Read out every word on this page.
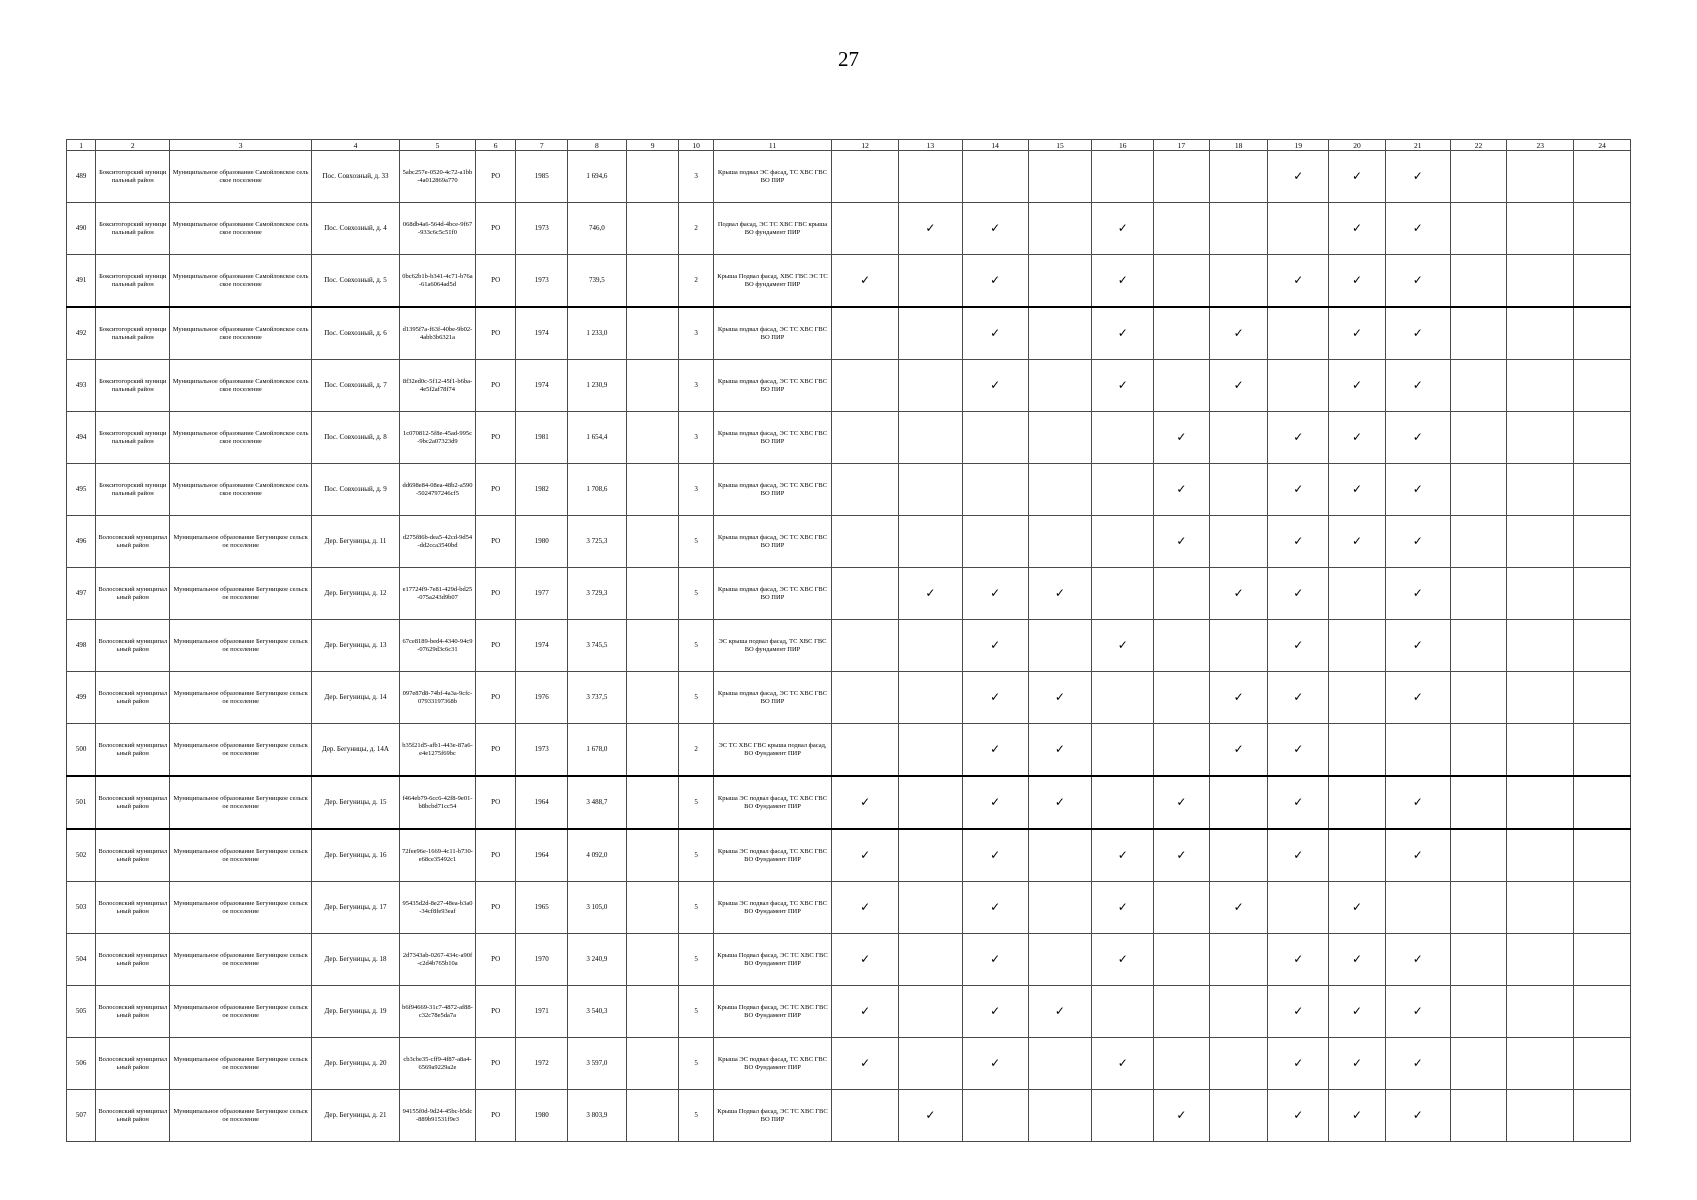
27
1	2	3	4	5	6	7	8	9	10	11	12	13	14	15	16	17	18	19	20	21	22	23	24
489	Бокситогорский муниципальный район	Муниципальное образование Самойловское сельское поселение	Пос. Совхозный, д. 33	5abc257e-0520-4c72-a1bb-4a012869a770	РО	1985	1 694,6		3	Крыша подвал ЭС фасад, ТС ХВС ГВС ВО ПИР								✓	✓	✓			
490	Бокситогорский муниципальный район	Муниципальное образование Самойловское сельское поселение	Пос. Совхозный, д. 4	068db4a6-564d-4bce-9f67-933c6c5c51f0	РО	1973	746,0		2	Подвал фасад, ЭС ТС ХВС ГВС крыша ВО фундамент ПИР		✓	✓		✓				✓	✓			
491	Бокситогорский муниципальный район	Муниципальное образование Самойловское сельское поселение	Пос. Совхозный, д. 5	0bc62b1b-b341-4c71-b76a-61a6064ad5d	РО	1973	739,5		2	Крыша Подвал фасад, ХВС ГВС ЭС ТС ВО фундамент ПИР	✓		✓		✓			✓	✓	✓			
492	Бокситогорский муниципальный район	Муниципальное образование Самойловское сельское поселение	Пос. Совхозный, д. 6	d1395f7a-f63f-40be-9b02-4abb3b6321a	РО	1974	1 233,0		3	Крыша подвал фасад, ЭС ТС ХВС ГВС ВО ПИР			✓		✓		✓		✓	✓			
493	Бокситогорский муниципальный район	Муниципальное образование Самойловское сельское поселение	Пос. Совхозный, д. 7	8f32ed0c-5f12-45f1-b6ba-4e5f2af78f74	РО	1974	1 230,9		3	Крыша подвал фасад, ЭС ТС ХВС ГВС ВО ПИР			✓		✓		✓		✓	✓			
494	Бокситогорский муниципальный район	Муниципальное образование Самойловское сельское поселение	Пос. Совхозный, д. 8	1c070812-5f8e-45ad-995c-9bc2a07323d9	РО	1981	1 654,4		3	Крыша подвал фасад, ЭС ТС ХВС ГВС ВО ПИР						✓		✓	✓	✓			
495	Бокситогорский муниципальный район	Муниципальное образование Самойловское сельское поселение	Пос. Совхозный, д. 9	dd698e84-08ea-48b2-a590-5024797246cf5	РО	1982	1 708,6		3	Крыша подвал фасад, ЭС ТС ХВС ГВС ВО ПИР						✓		✓	✓	✓			
496	Волосовский муниципальный район	Муниципальное образование Бегуницкое сельское поселение	Дер. Бегуницы, д. 11	d275f86b-dea5-42cd-9d54-dd2cca3540bd	РО	1980	3 725,3		5	Крыша подвал фасад, ЭС ТС ХВС ГВС ВО ПИР						✓		✓	✓	✓			
497	Волосовский муниципальный район	Муниципальное образование Бегуницкое сельское поселение	Дер. Бегуницы, д. 12	e17724f9-7e81-429d-bd25-075a243d9b07	РО	1977	3 729,3		5	Крыша подвал фасад, ЭС ТС ХВС ГВС ВО ПИР		✓	✓	✓			✓	✓		✓			
498	Волосовский муниципальный район	Муниципальное образование Бегуницкое сельское поселение	Дер. Бегуницы, д. 13	67ce8189-bed4-4340-94c9-07629d3c6c31	РО	1974	3 745,5		5	ЭС крыша подвал фасад, ТС ХВС ГВС ВО фундамент ПИР			✓		✓			✓		✓			
499	Волосовский муниципальный район	Муниципальное образование Бегуницкое сельское поселение	Дер. Бегуницы, д. 14	097e87d8-74bf-4a3a-9cfc-07933197368b	РО	1976	3 737,5		5	Крыша подвал фасад, ЭС ТС ХВС ГВС ВО ПИР			✓	✓			✓	✓		✓			
500	Волосовский муниципальный район	Муниципальное образование Бегуницкое сельское поселение	Дер. Бегуницы, д. 14А	b35f21d5-afb1-443e-87a6-e4e1275f69bc	РО	1973	1 678,0		2	ЭС ТС ХВС ГВС крыша подвал фасад, ВО Фундамент ПИР			✓	✓			✓	✓					
501	Волосовский муниципальный район	Муниципальное образование Бегуницкое сельское поселение	Дер. Бегуницы, д. 15	f464eb79-6cc6-42f8-9e01-b8bcbd71cc54	РО	1964	3 488,7		5	Крыша ЭС подвал фасад, ТС ХВС ГВС ВО Фундамент ПИР	✓		✓	✓		✓		✓		✓			
502	Волосовский муниципальный район	Муниципальное образование Бегуницкое сельское поселение	Дер. Бегуницы, д. 16	72fee96e-1669-4c11-b730-e68ce35492c1	РО	1964	4 092,0		5	Крыша ЭС подвал фасад, ТС ХВС ГВС ВО Фундамент ПИР	✓		✓		✓	✓		✓		✓			
503	Волосовский муниципальный район	Муниципальное образование Бегуницкое сельское поселение	Дер. Бегуницы, д. 17	95435d2d-8e27-48ea-b3a0-34cf8fe93eaf	РО	1965	3 105,0		5	Крыша ЭС подвал фасад, ТС ХВС ГВС ВО Фундамент ПИР	✓		✓		✓		✓		✓				
504	Волосовский муниципальный район	Муниципальное образование Бегуницкое сельское поселение	Дер. Бегуницы, д. 18	2d7343ab-0267-434c-a90f-c2d4b765b10a	РО	1970	3 240,9		5	Крыша Подвал фасад, ЭС ТС ХВС ГВС ВО Фундамент ПИР	✓		✓		✓			✓	✓	✓			
505	Волосовский муниципальный район	Муниципальное образование Бегуницкое сельское поселение	Дер. Бегуницы, д. 19	b6f94669-31c7-4872-af88-c32c78e5da7a	РО	1971	3 540,3		5	Крыша Подвал фасад, ЭС ТС ХВС ГВС ВО Фундамент ПИР	✓		✓	✓				✓	✓	✓			
506	Волосовский муниципальный район	Муниципальное образование Бегуницкое сельское поселение	Дер. Бегуницы, д. 20	cb3cbe35-cff9-4f87-a8a4-6569a9229a2e	РО	1972	3 597,0		5	Крыша ЭС подвал фасад, ТС ХВС ГВС ВО Фундамент ПИР	✓		✓		✓			✓	✓	✓			
507	Волосовский муниципальный район	Муниципальное образование Бегуницкое сельское поселение	Дер. Бегуницы, д. 21	94155f0d-9d24-45bc-b5dc-889b91531f9e3	РО	1980	3 803,9		5	Крыша Подвал фасад, ЭС ТС ХВС ГВС ВО ПИР		✓				✓		✓	✓	✓			
